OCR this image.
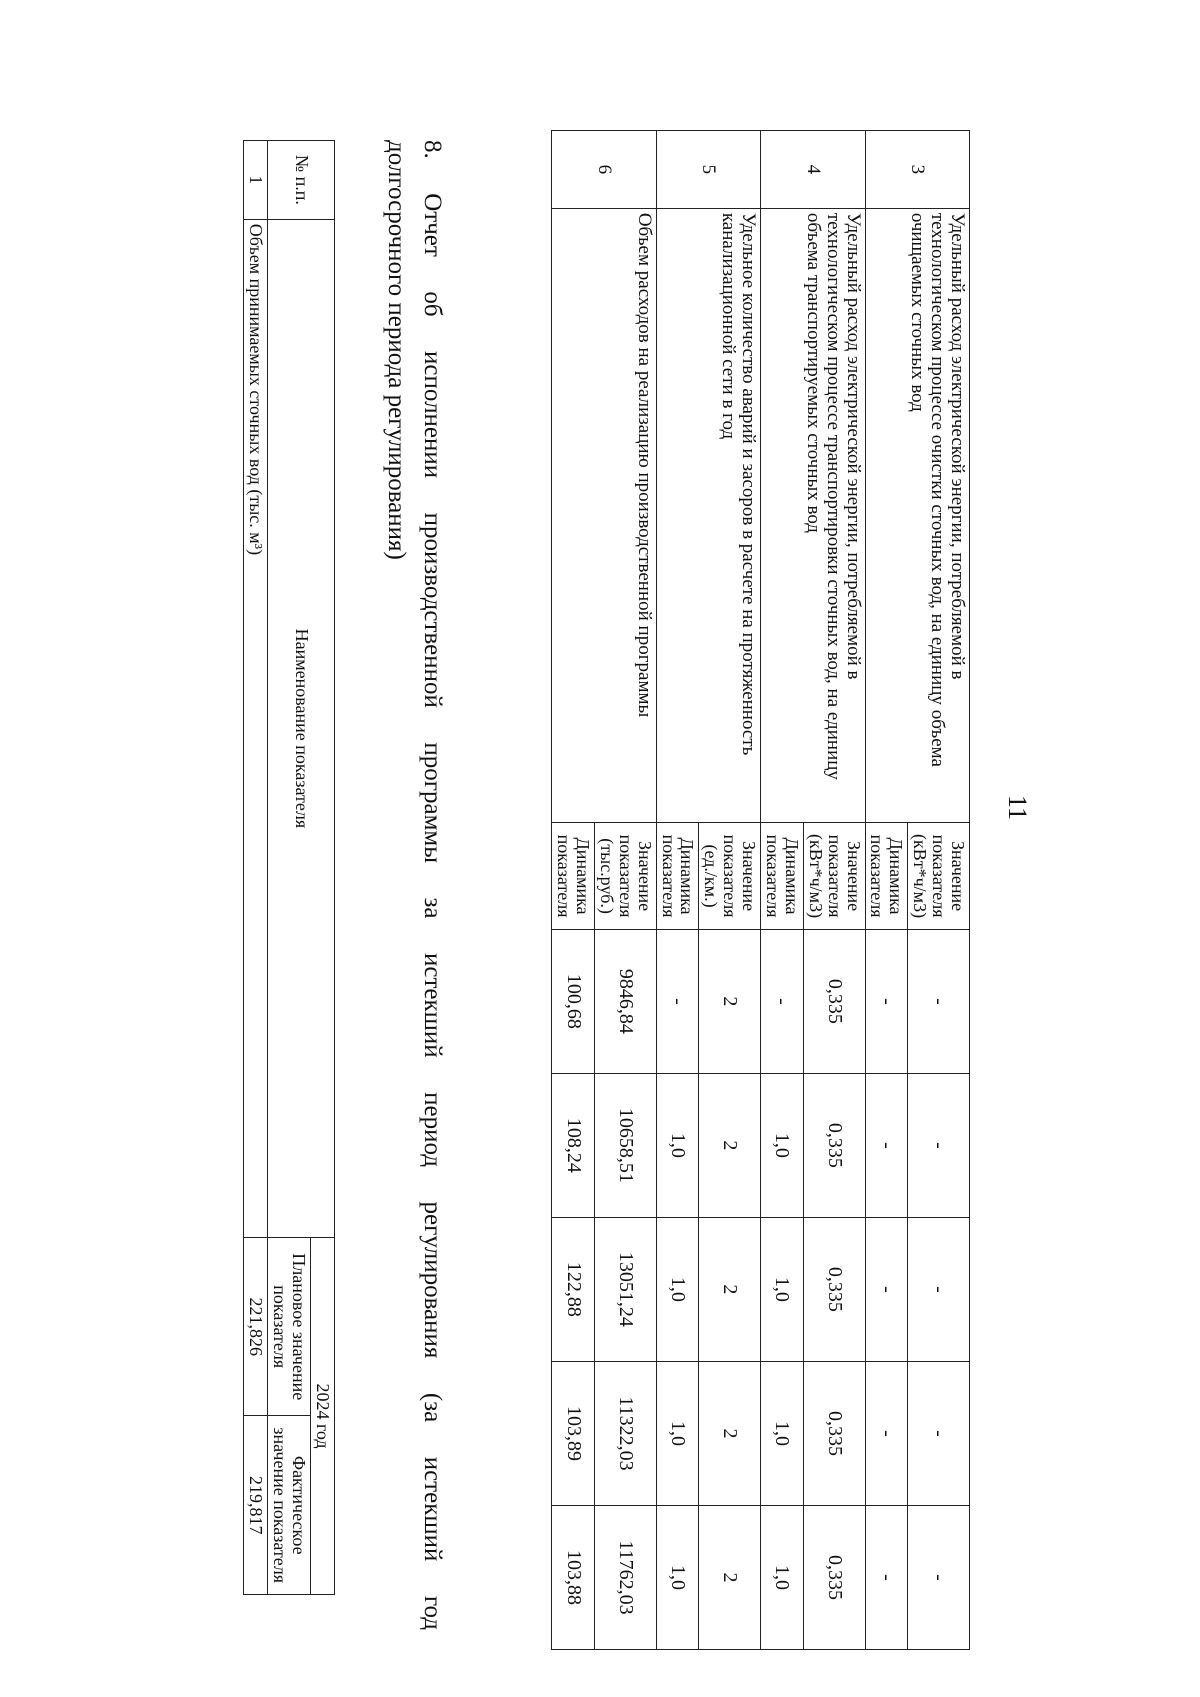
11
3	Удельный расход электрической энергии, потребляемой в технологическом процессе очистки сточных вод, на единицу объема очищаемых сточных вод	Значение показателя (кВт*ч/м3)	-	-	-	-	-
		Динамика показателя	-	-	-	-	-
4	Удельный расход электрической энергии, потребляемой в технологическом процессе транспортировки сточных вод, на единицу объема транспортируемых сточных вод	Значение показателя (кВт*ч/м3)	0,335	0,335	0,335	0,335	0,335
		Динамика показателя	-	1,0	1,0	1,0	1,0
5	Удельное количество аварий и засоров в расчете на протяженность канализационной сети в год	Значение показателя (ед./км.)	2	2	2	2	2
		Динамика показателя	-	1,0	1,0	1,0	1,0
6	Объем расходов на реализацию производственной программы	Значение показателя (тыс.руб.)	9846,84	10658,51	13051,24	11322,03	11762,03
		Динамика показателя	100,68	108,24	122,88	103,89	103,88
8. Отчет об исполнении производственной программы за истекший период регулирования (за истекший год
долгосрочного периода регулирования)
№ п.п.	Наименование показателя	2024 год	
		Плановое значение показателя	Фактическое значение показателя
1	Объем принимаемых сточных вод (тыс. м³)	221,826	219,817
